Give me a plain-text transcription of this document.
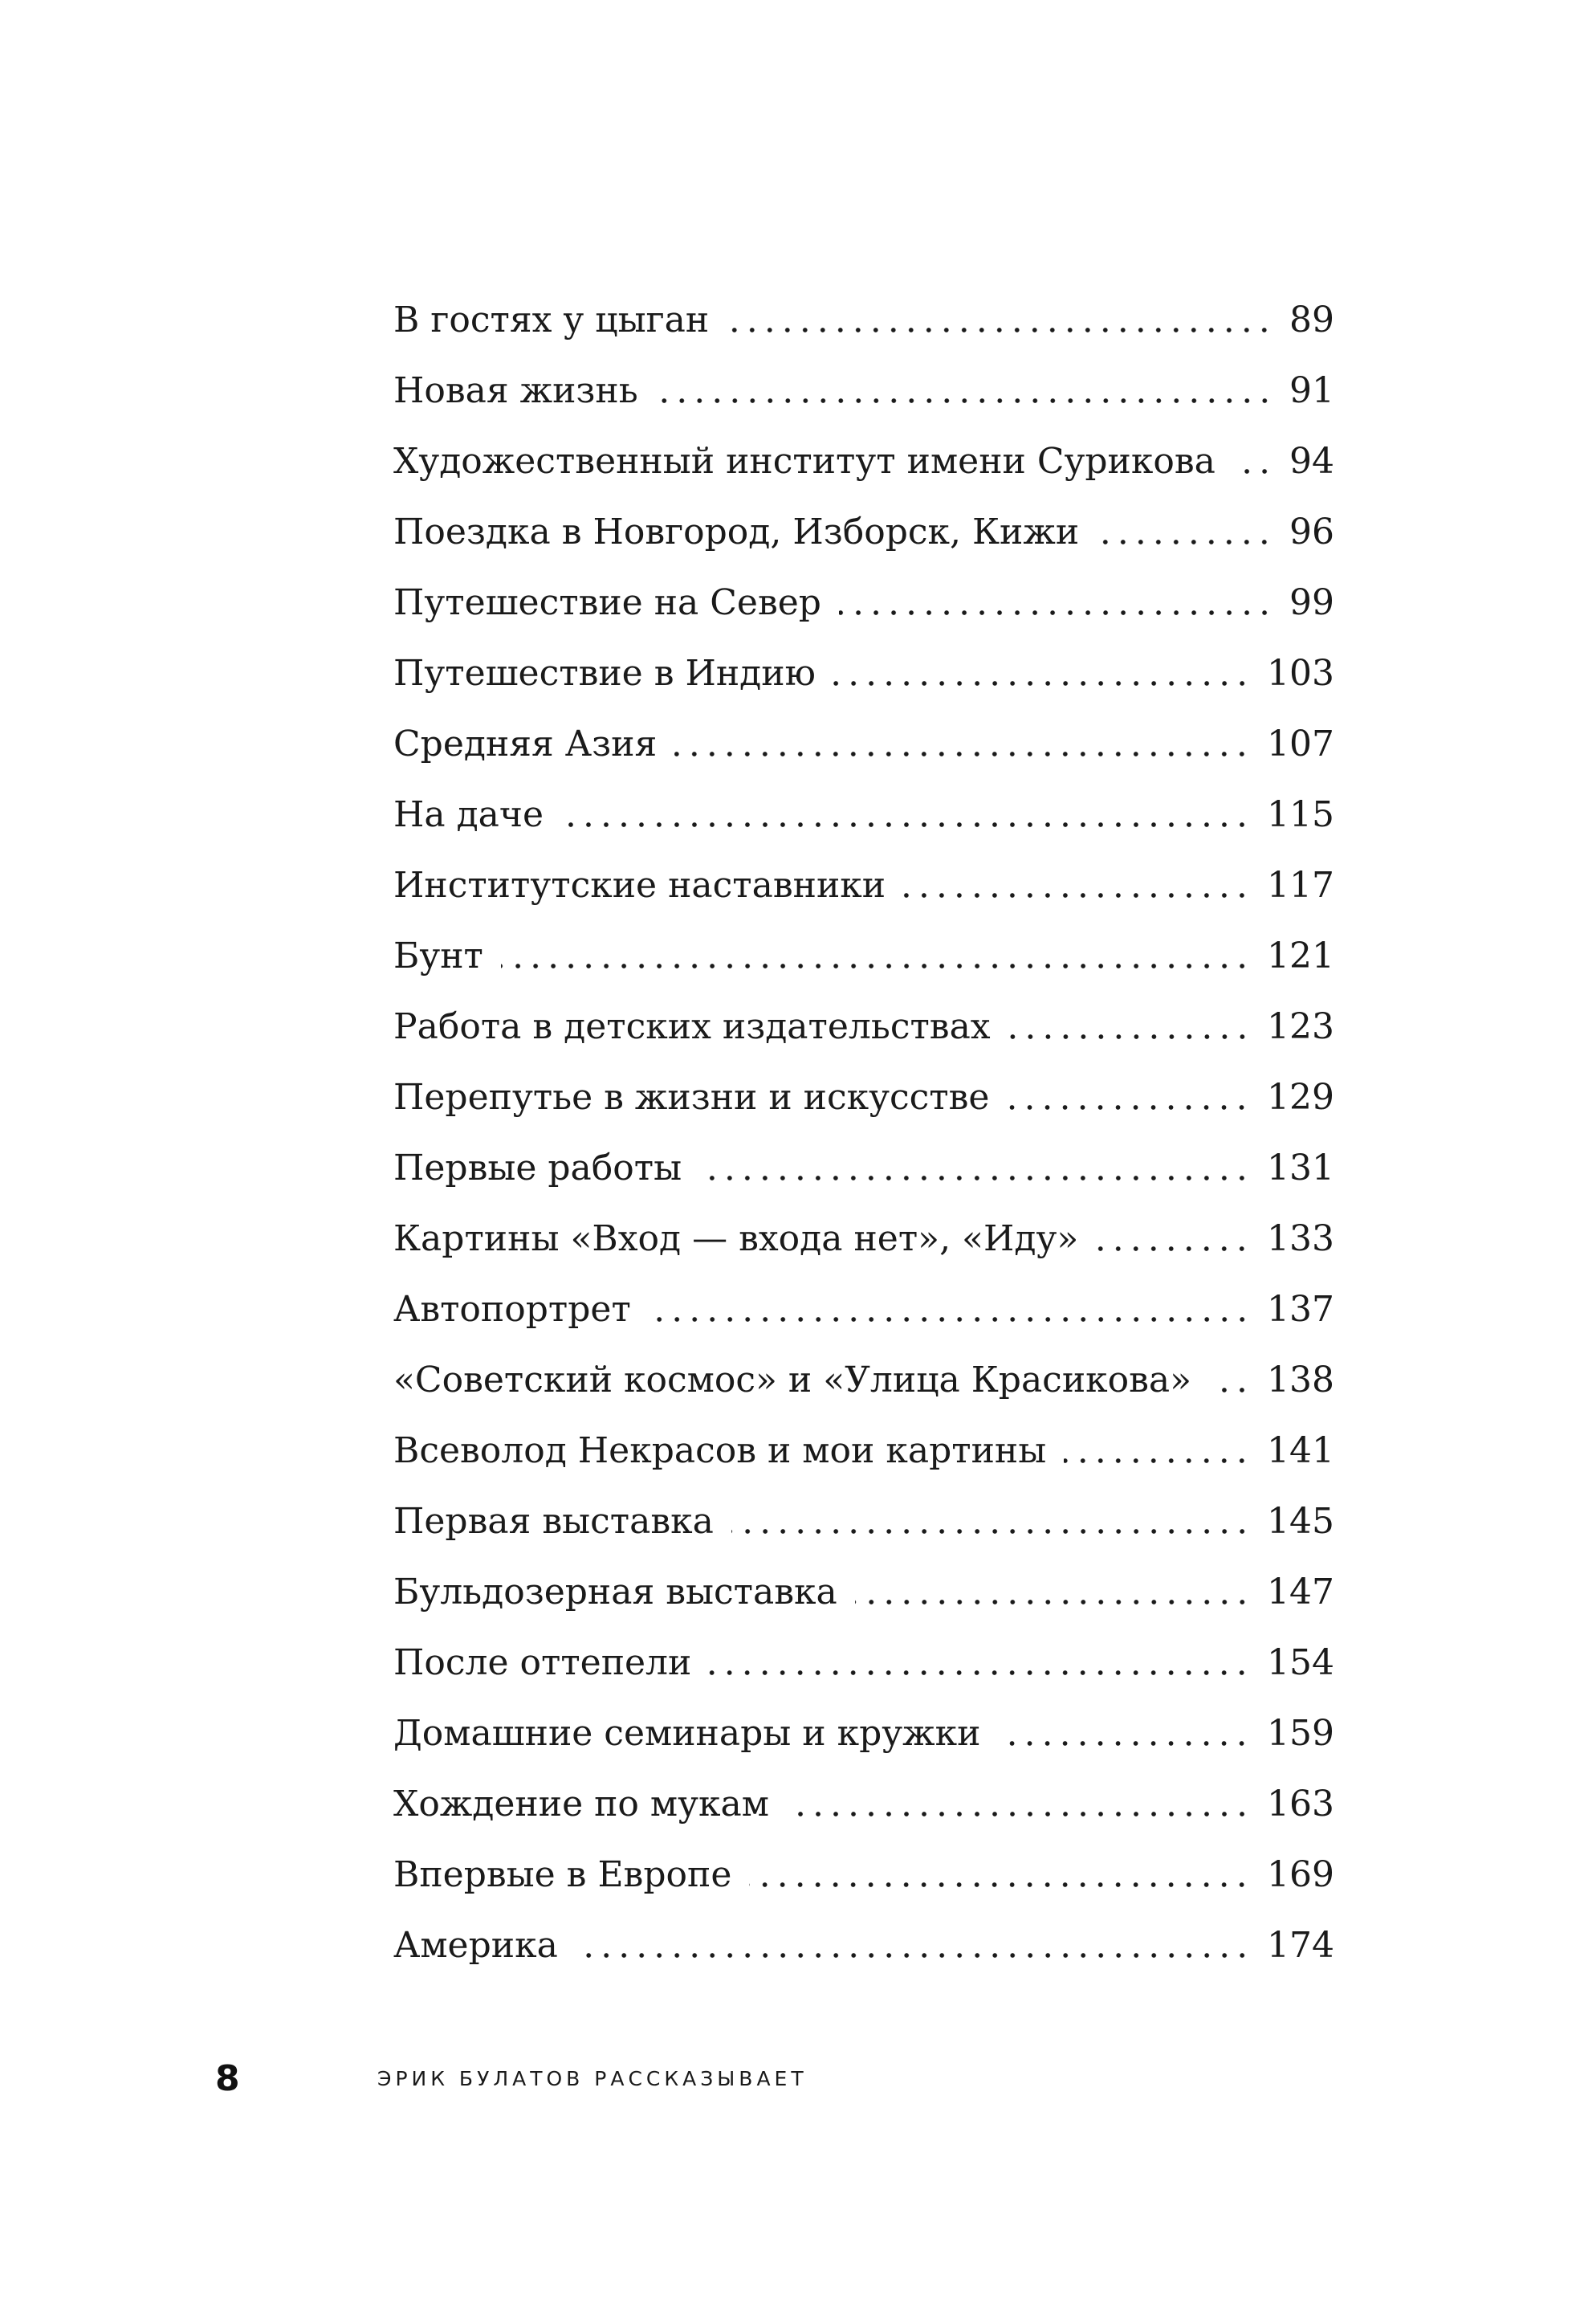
В гостях у цыган	89
Новая жизнь	91
Художественный институт имени Сурикова 94
Поездка в Новгород, Изборск, Кижи	96
Путешествие на Север	99
Путешествие в Индию	103
Средняя Азия	107
На даче	115
Институтские наставники	117
Бунт	121
Работа в детских издательствах	123
Перепутье в жизни и искусстве	129
Первые работы	131
Картины «Вход — входа нет», «Иду»	133
Автопортрет	137
«Советский космос» и «Улица Красикова» 138
Всеволод Некрасов и мои картины	141
Первая выставка	145
Бульдозерная выставка	147
После оттепели	154
Домашние семинары и кружки	159
Хождение по мукам	163
Впервые в Европе	169
Америка	174
8	ЭРИК БУЛАТОВ РАССКАЗЫВАЕТ
